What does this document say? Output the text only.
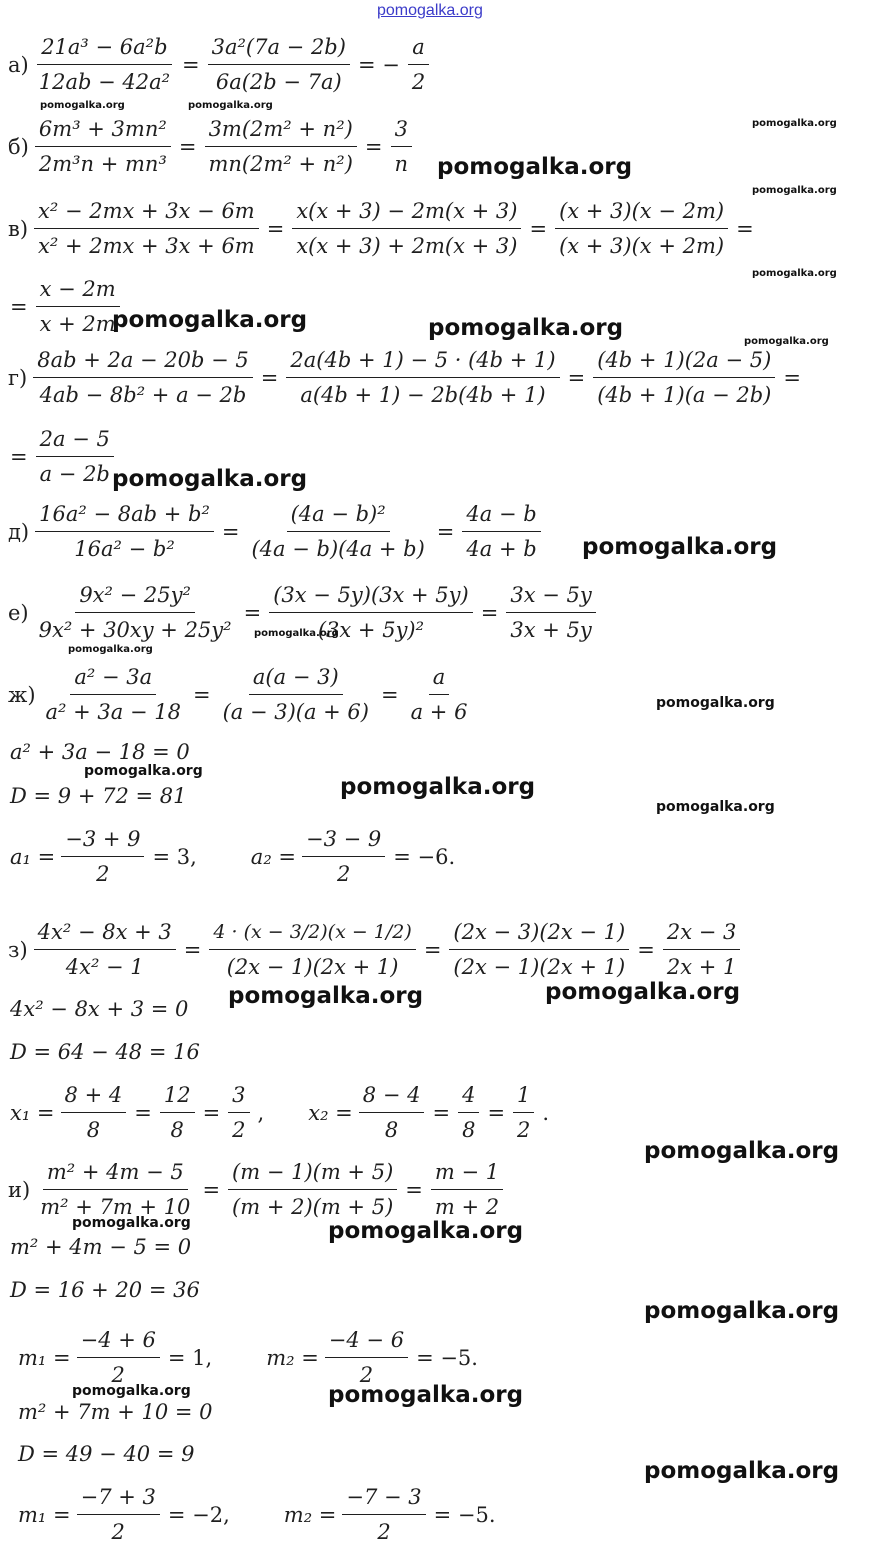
pomogalka.org
$а) \frac{\text{21a³ − 6a²b}}{\text{12ab − 42a²}} = \frac{\text{3a²(7a − 2b)}}{6a(2b - 7a)}$ = − $\frac{a}{2}$
$б) \frac{\text{6m³ + 3mn²}}{\text{2m³n + mn³}} = \frac{\text{3m(2m² + n²)}}{\text{mn(2m² + n²)}} = \frac{3}{n}$
$в) \frac{\text{x² − 2mx + 3x − 6m}}{\text{x² + 2mx + 3x + 6m}} = \frac{x(x + 3) - 2m(x + 3)}{x(x + 3) + 2m(x + 3)} = \frac{(x + 3)(x - 2m)}{(x + 3)(x + 2m)}$ =
= $\frac{x - 2m}{x + 2m}$
$г) \frac{8ab + 2a - 20b - 5}{\text{4ab − 8b² + a − 2b}} = \frac{2a(4b + 1) - 5 \cdot (4b + 1)}{a(4b + 1) - 2b(4b + 1)} = \frac{(4b + 1)(2a - 5)}{(4b + 1)(a - 2b)}$ =
= $\frac{2a - 5}{a - 2b}$
$д) \frac{\text{16a² − 8ab + b²}}{\text{16a² − b²}} = \frac{\text{(4a − b)²}}{(4a - b)(4a + b)} = \frac{4a - b}{4a + b}$
$е) \frac{\text{9x² − 25y²}}{\text{9x² + 30xy + 25y²}} = \frac{(3x - 5y)(3x + 5y)}{\text{(3x + 5y)²}} = \frac{3x - 5y}{3x + 5y}$
$ж) \frac{\text{a² − 3a}}{\text{a² + 3a − 18}} = \frac{a(a - 3)}{(a - 3)(a + 6)} = \frac{a}{a + 6}$
a² + 3a − 18 = 0
D = 9 + 72 = 81
$a_1 = \frac{-3 + 9}{2} = 3$,	$a_2 = \frac{-3 - 9}{2} = -6$.
$з) \frac{\text{4x² − 8x + 3}}{\text{4x² − 1}} = \frac{4 \cdot (x - 3/2)(x - 1/2)}{(2x - 1)(2x + 1)} = \frac{(2x - 3)(2x - 1)}{(2x - 1)(2x + 1)} = \frac{2x - 3}{2x + 1}$
4x² − 8x + 3 = 0
D = 64 − 48 = 16
$x_1 = \frac{8 + 4}{8} = \frac{12}{8} = \frac{3}{2}$ , $x_2 = \frac{8 - 4}{8} = \frac{4}{8} = \frac{1}{2}$ .
$и) \frac{\text{m² + 4m − 5}}{\text{m² + 7m + 10}} = \frac{(m - 1)(m + 5)}{(m + 2)(m + 5)} = \frac{m - 1}{m + 2}$
m² + 4m − 5 = 0
D = 16 + 20 = 36
$m_1 = \frac{-4 + 6}{2} = 1$,	$m_2 = \frac{-4 - 6}{2} = -5$.
m² + 7m + 10 = 0
D = 49 − 40 = 9
$m_1 = \frac{-7 + 3}{2} = -2$,	$m_2 = \frac{-7 - 3}{2} = -5$.
pomogalka.org	pomogalka.org
pomogalka.org
pomogalka.org
pomogalka.org
pomogalka.org
pomogalka.org	pomogalka.org
pomogalka.org
pomogalka.org
pomogalka.org
pomogalka.org
pomogalka.org
pomogalka.org
pomogalka.org
pomogalka.org
pomogalka.org
pomogalka.org	pomogalka.org
pomogalka.org
pomogalka.org	pomogalka.org
pomogalka.org
pomogalka.org	pomogalka.org
pomogalka.org
